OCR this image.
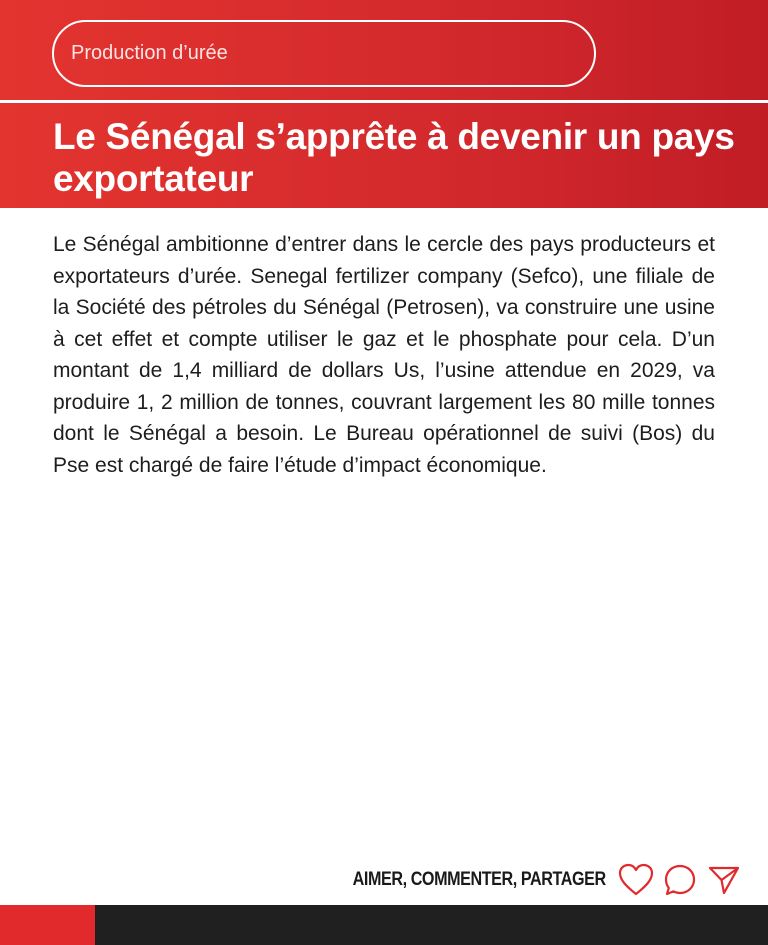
Production d’urée
Le Sénégal s’apprête à devenir un pays exportateur

Le Sénégal ambitionne d’entrer dans le cercle des pays producteurs et exportateurs d’urée. Senegal fertilizer company (Sefco), une filiale de la Société des pétroles du Sénégal (Petrosen), va construire une usine à cet effet et compte utiliser le gaz et le phosphate pour cela. D’un montant de 1,4 milliard de dollars Us, l’usine attendue en 2029, va produire 1, 2 million de tonnes, couvrant largement les 80 mille tonnes dont le Sénégal a besoin. Le Bureau opérationnel de suivi (Bos) du Pse est chargé de faire l’étude d’impact économique.

AIMER, COMMENTER, PARTAGER
